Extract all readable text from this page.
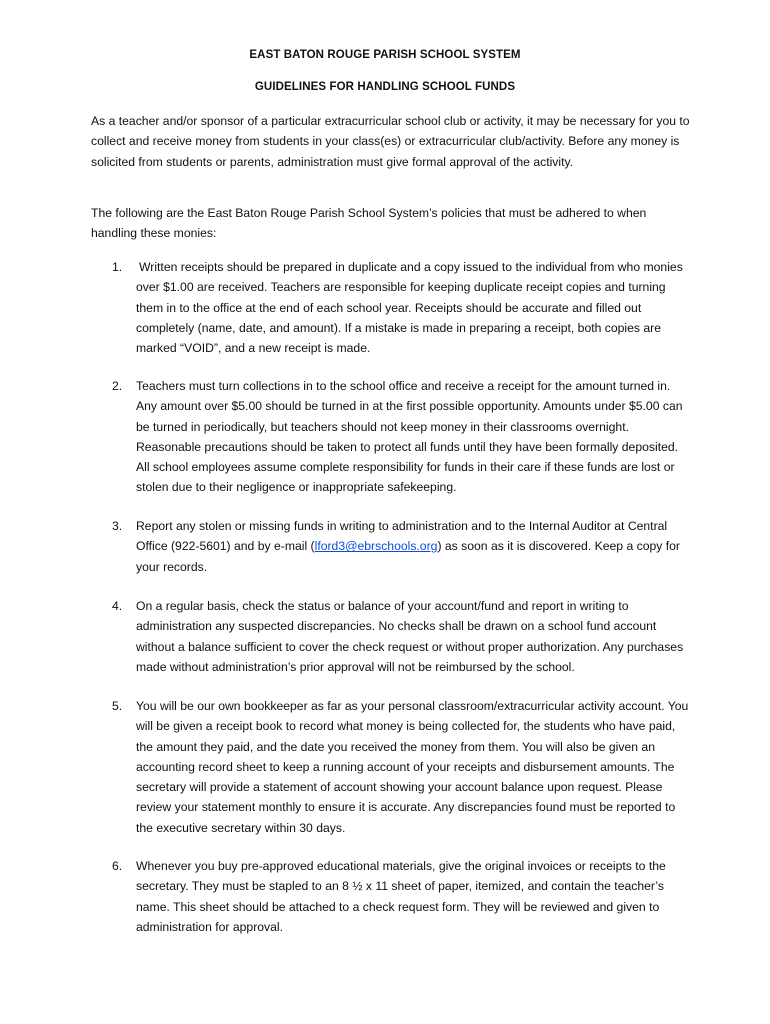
EAST BATON ROUGE PARISH SCHOOL SYSTEM
GUIDELINES FOR HANDLING SCHOOL FUNDS

As a teacher and/or sponsor of a particular extracurricular school club or activity, it may be necessary for you to collect and receive money from students in your class(es) or extracurricular club/activity. Before any money is solicited from students or parents, administration must give formal approval of the activity.

The following are the East Baton Rouge Parish School System’s policies that must be adhered to when handling these monies:

1. Written receipts should be prepared in duplicate and a copy issued to the individual from who monies over $1.00 are received. Teachers are responsible for keeping duplicate receipt copies and turning them in to the office at the end of each school year. Receipts should be accurate and filled out completely (name, date, and amount). If a mistake is made in preparing a receipt, both copies are marked “VOID”, and a new receipt is made.

2. Teachers must turn collections in to the school office and receive a receipt for the amount turned in. Any amount over $5.00 should be turned in at the first possible opportunity. Amounts under $5.00 can be turned in periodically, but teachers should not keep money in their classrooms overnight. Reasonable precautions should be taken to protect all funds until they have been formally deposited. All school employees assume complete responsibility for funds in their care if these funds are lost or stolen due to their negligence or inappropriate safekeeping.

3. Report any stolen or missing funds in writing to administration and to the Internal Auditor at Central Office (922-5601) and by e-mail (lford3@ebrschools.org) as soon as it is discovered. Keep a copy for your records.

4. On a regular basis, check the status or balance of your account/fund and report in writing to administration any suspected discrepancies. No checks shall be drawn on a school fund account without a balance sufficient to cover the check request or without proper authorization. Any purchases made without administration’s prior approval will not be reimbursed by the school.

5. You will be our own bookkeeper as far as your personal classroom/extracurricular activity account. You will be given a receipt book to record what money is being collected for, the students who have paid, the amount they paid, and the date you received the money from them. You will also be given an accounting record sheet to keep a running account of your receipts and disbursement amounts. The secretary will provide a statement of account showing your account balance upon request. Please review your statement monthly to ensure it is accurate. Any discrepancies found must be reported to the executive secretary within 30 days.

6. Whenever you buy pre-approved educational materials, give the original invoices or receipts to the secretary. They must be stapled to an 8 ½ x 11 sheet of paper, itemized, and contain the teacher’s name. This sheet should be attached to a check request form. They will be reviewed and given to administration for approval.
